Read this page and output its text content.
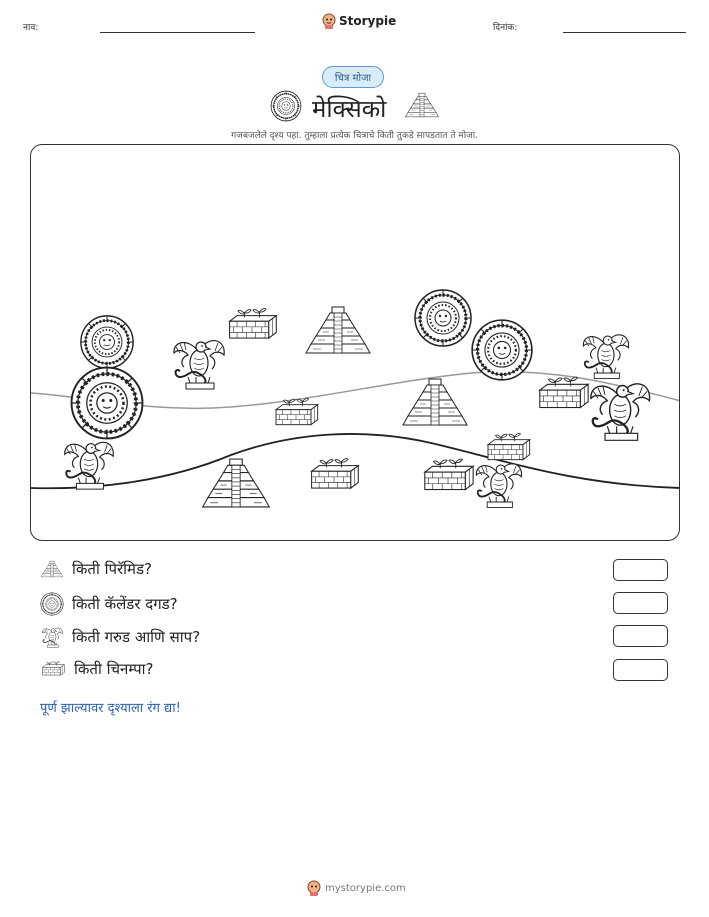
नाव:	Storypie	दिनांक:
चित्र मोजा
मेक्सिको
गजबजलेले दृश्य पहा. तुम्हाला प्रत्येक चित्राचे किती तुकडे सापडतात ते मोजा.
किती पिरॅमिड?
किती कॅलेंडर दगड?
किती गरुड आणि साप?
किती चिनम्पा?
पूर्ण झाल्यावर दृश्याला रंग द्या!
mystorypie.com
